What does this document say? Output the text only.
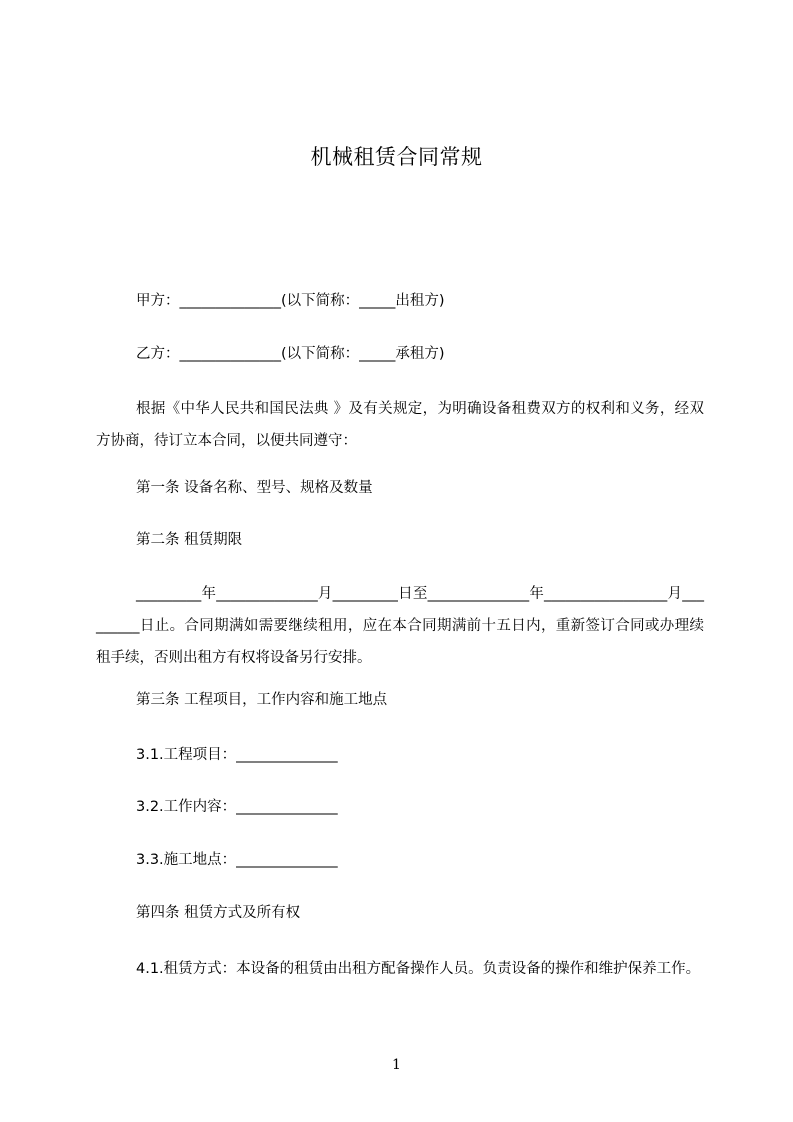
机械租赁合同常规
甲方：______________(以下简称：_____出租方)
乙方：______________(以下简称：_____承租方)
根据《中华人民共和国民法典 》及有关规定，为明确设备租费双方的权利和义务，经双方协商，待订立本合同，以便共同遵守：
第一条 设备名称、型号、规格及数量
第二条 租赁期限
_________年______________月_________日至______________年_________________月_________日止。合同期满如需要继续租用，应在本合同期满前十五日内，重新签订合同或办理续租手续，否则出租方有权将设备另行安排。
第三条 工程项目，工作内容和施工地点
3.1.工程项目：______________
3.2.工作内容：______________
3.3.施工地点：______________
第四条 租赁方式及所有权
4.1.租赁方式：本设备的租赁由出租方配备操作人员。负责设备的操作和维护保养工作。
1
